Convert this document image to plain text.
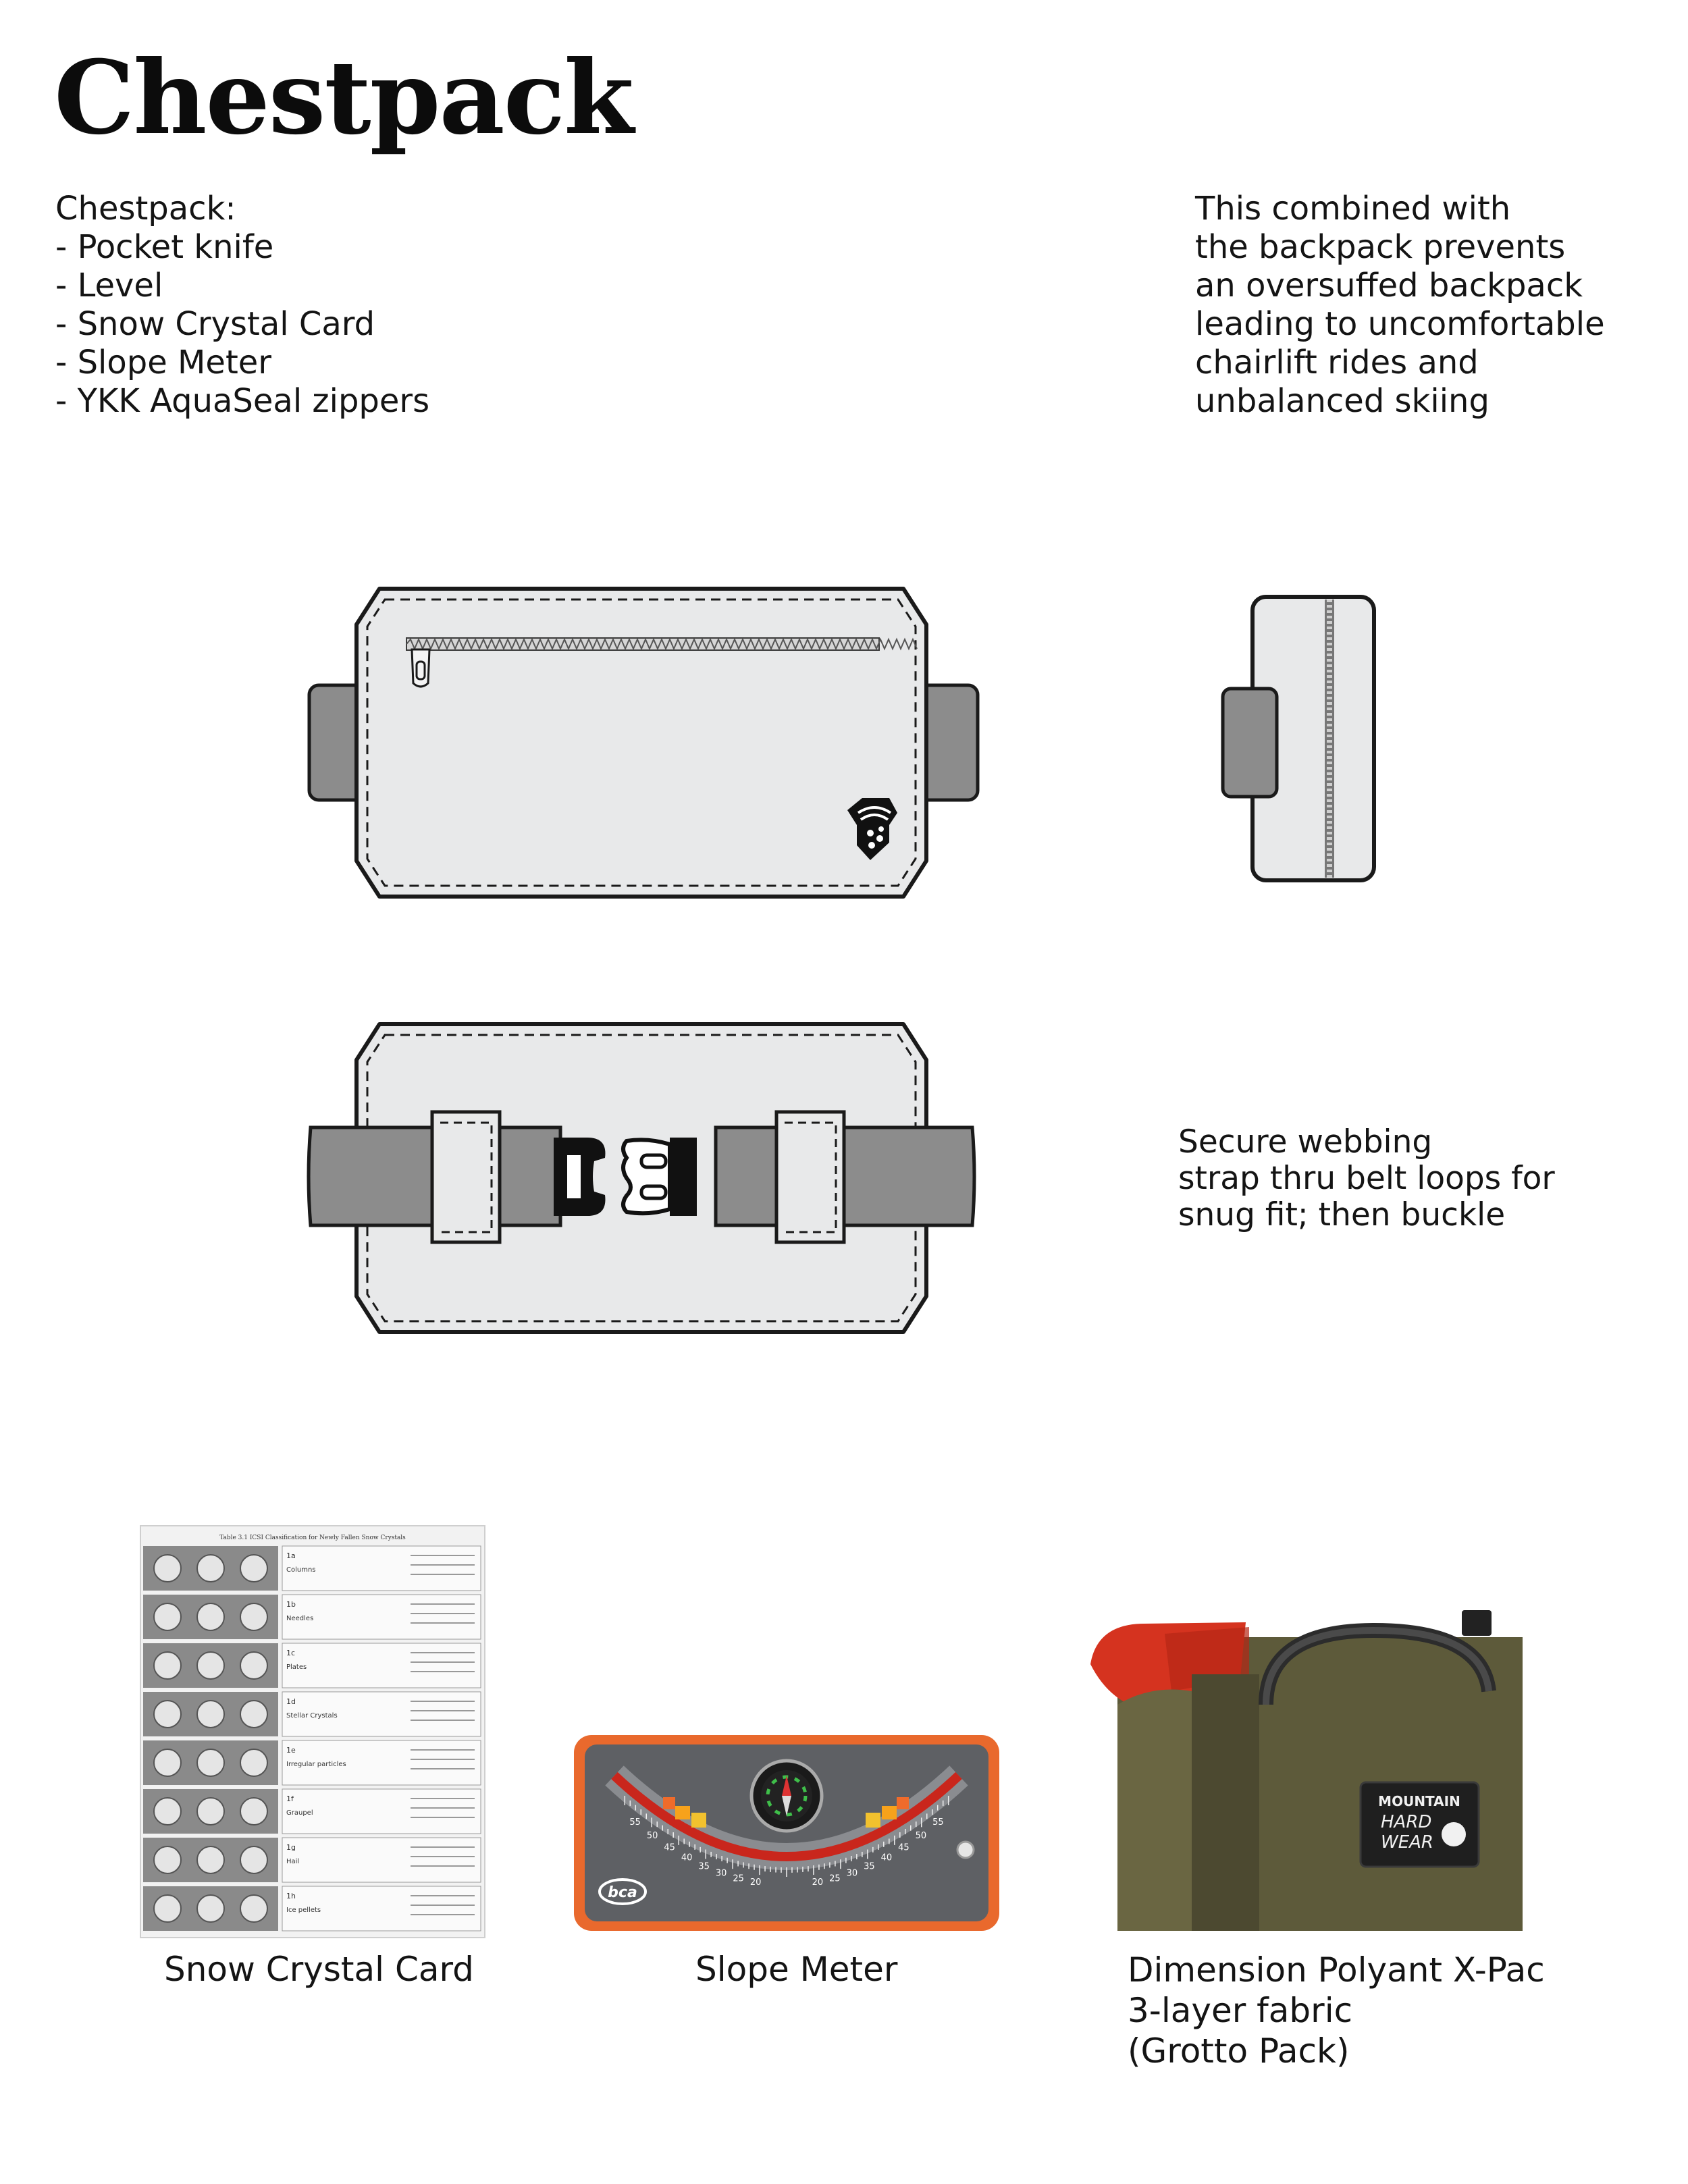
Chestpack
Chestpack:
- Pocket knife
- Level
- Snow Crystal Card
- Slope Meter
- YKK AquaSeal zippers
This combined with
the backpack prevents
an oversuffed backpack
leading to uncomfortable
chairlift rides and
unbalanced skiing
Secure webbing
strap thru belt loops for
snug fit; then buckle
Table 3.1 ICSI Classification for Newly Fallen Snow Crystals
1a
Columns
1b
Needles
1c
Plates
1d
Stellar Crystals
1e
Irregular particles
1f
Graupel
1g
Hail
1h
Ice pellets
Snow Crystal Card
55
50
45
40
35
30
25 20	20 25
30
35
40
45
50
55
bca
Slope Meter
MOUNTAIN
HARD
WEAR
Dimension Polyant X-Pac
3-layer fabric
(Grotto Pack)
